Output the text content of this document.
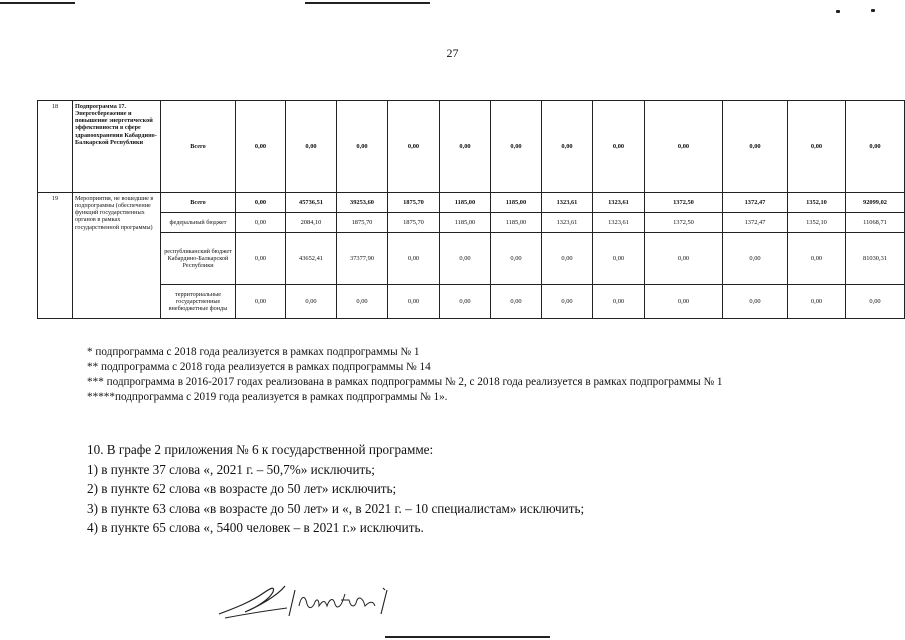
27
18	Подпрограмма 17. Энергосбережение и повышение энергетической эффективности в сфере здравоохранения Кабардино-Балкарской Республики	Всего	0,00	0,00	0,00	0,00	0,00	0,00	0,00	0,00	0,00	0,00	0,00	0,00
19	Мероприятия, не вошедшие в подпрограммы (обеспечение функций государственных органов в рамках государственной программы)	Всего	0,00	45736,51	39253,60	1875,70	1185,00	1185,00	1323,61	1323,61	1372,50	1372,47	1352,10	92099,02
		федеральный бюджет	0,00	2084,10	1875,70	1875,70	1185,00	1185,00	1323,61	1323,61	1372,50	1372,47	1352,10	11068,71
		республиканский бюджет Кабардино-Балкарской Республики	0,00	43652,41	37377,90	0,00	0,00	0,00	0,00	0,00	0,00	0,00	0,00	81030,31
		территориальные государственные внебюджетные фонды	0,00	0,00	0,00	0,00	0,00	0,00	0,00	0,00	0,00	0,00	0,00	0,00
* подпрограмма с 2018 года реализуется в рамках подпрограммы № 1
** подпрограмма с 2018 года реализуется в рамках подпрограммы № 14
*** подпрограмма в 2016-2017 годах реализована в рамках подпрограммы № 2, с 2018 года реализуется в рамках подпрограммы № 1
*****подпрограмма с 2019 года реализуется в рамках подпрограммы № 1».
10. В графе 2 приложения № 6 к государственной программе:
1) в пункте 37 слова «, 2021 г. – 50,7%» исключить;
2) в пункте 62 слова «в возрасте до 50 лет» исключить;
3) в пункте 63 слова «в возрасте до 50 лет» и «, в 2021 г. – 10 специалистам» исключить;
4) в пункте 65 слова «, 5400 человек – в 2021 г.» исключить.
